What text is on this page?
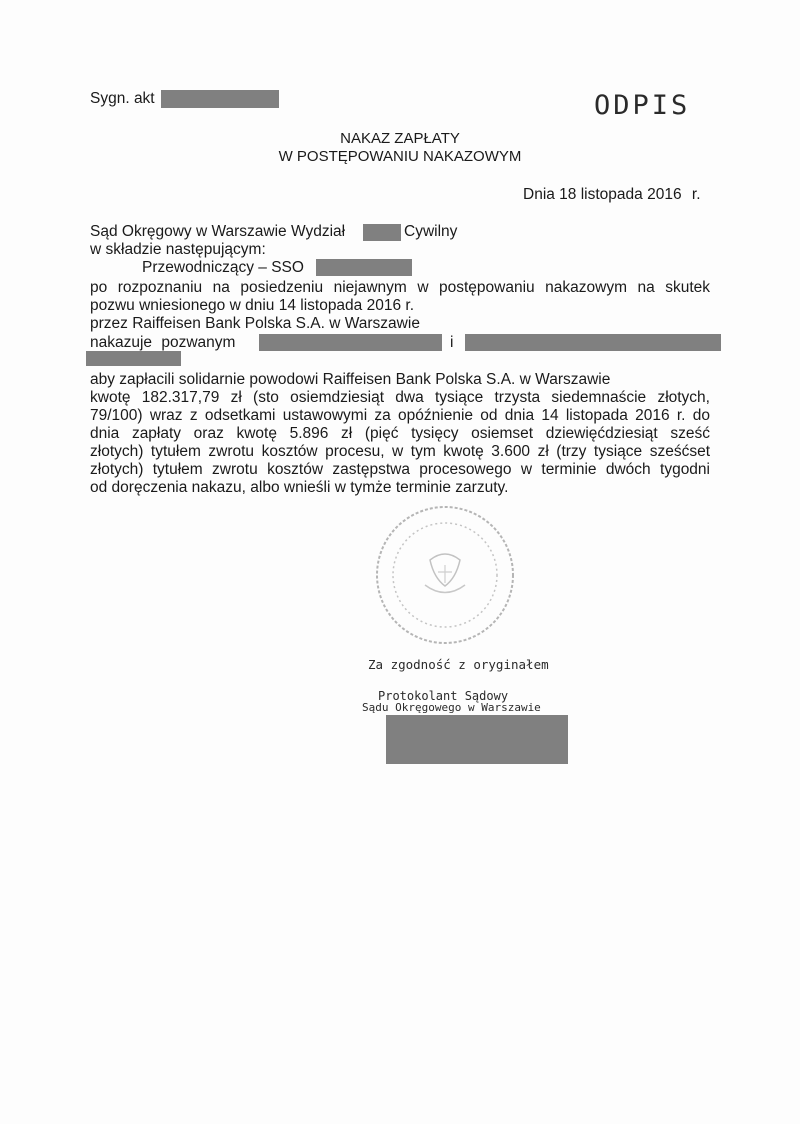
Sygn. akt	ODPIS
NAKAZ ZAPŁATY
W POSTĘPOWANIU NAKAZOWYM
Dnia 18 listopada 2016 r.
Sąd Okręgowy w Warszawie Wydział	Cywilny
w składzie następującym:
Przewodniczący – SSO
po rozpoznaniu na posiedzeniu niejawnym w postępowaniu nakazowym na skutek
pozwu wniesionego w dniu 14 listopada 2016 r.
przez Raiffeisen Bank Polska S.A. w Warszawie
nakazuje pozwanym	i
aby zapłacili solidarnie powodowi Raiffeisen Bank Polska S.A. w Warszawie
kwotę 182.317,79 zł (sto osiemdziesiąt dwa tysiące trzysta siedemnaście złotych,
79/100) wraz z odsetkami ustawowymi za opóźnienie od dnia 14 listopada 2016 r. do
dnia zapłaty oraz kwotę 5.896 zł (pięć tysięcy osiemset dziewięćdziesiąt sześć
złotych) tytułem zwrotu kosztów procesu, w tym kwotę 3.600 zł (trzy tysiące sześćset
złotych) tytułem zwrotu kosztów zastępstwa procesowego w terminie dwóch tygodni
od doręczenia nakazu, albo wnieśli w tymże terminie zarzuty.
Za zgodność z oryginałem
Protokolant Sądowy
Sądu Okręgowego w Warszawie
